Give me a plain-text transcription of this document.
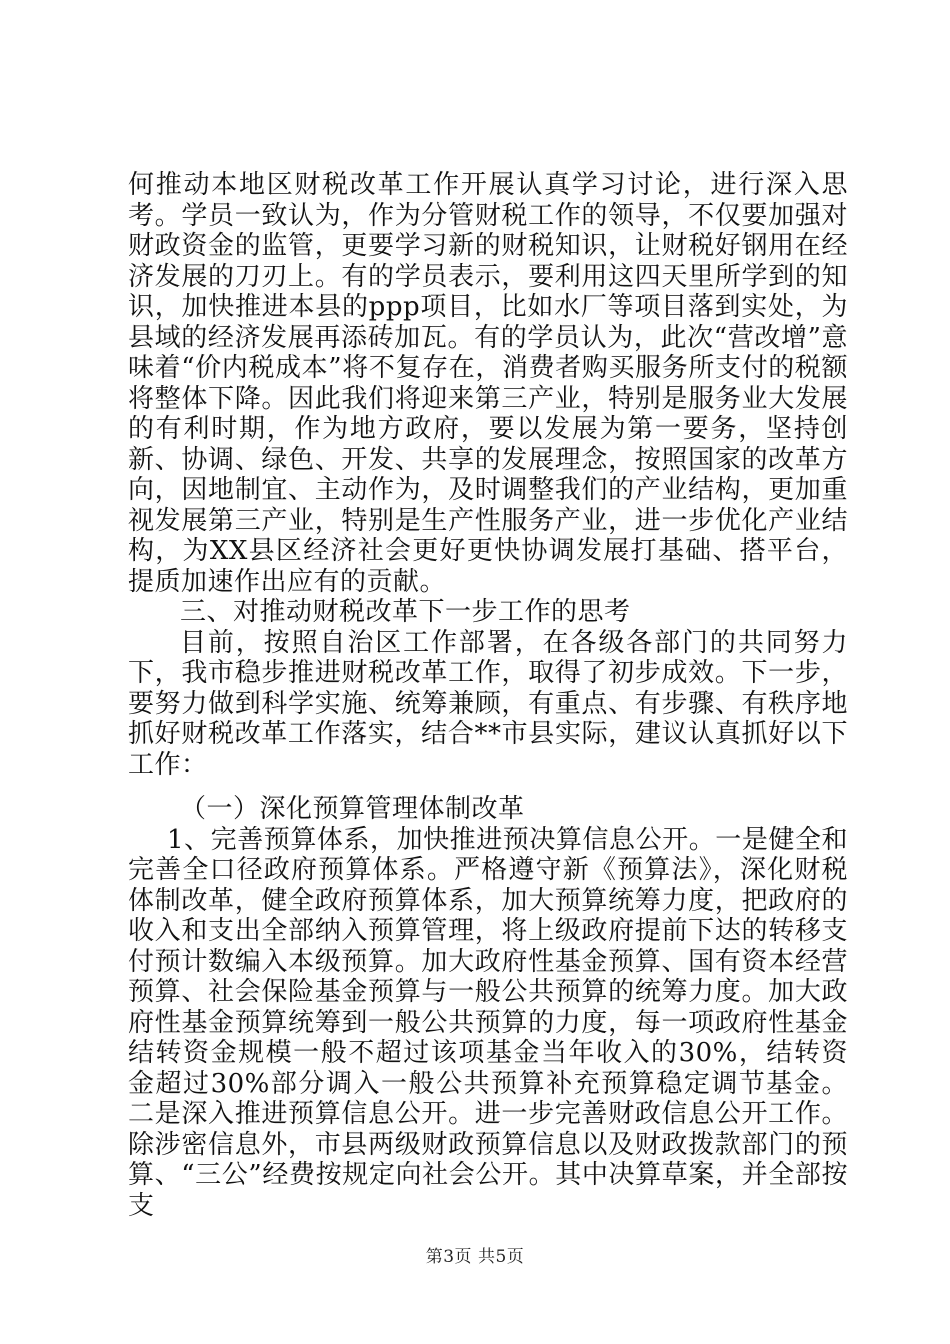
何推动本地区财税改革工作开展认真学习讨论，进行深入思考。学员一致认为，作为分管财税工作的领导，不仅要加强对财政资金的监管，更要学习新的财税知识，让财税好钢用在经济发展的刀刃上。有的学员表示，要利用这四天里所学到的知识，加快推进本县的ppp项目，比如水厂等项目落到实处，为县域的经济发展再添砖加瓦。有的学员认为，此次“营改增”意味着“价内税成本”将不复存在，消费者购买服务所支付的税额将整体下降。因此我们将迎来第三产业，特别是服务业大发展的有利时期，作为地方政府，要以发展为第一要务，坚持创新、协调、绿色、开发、共享的发展理念，按照国家的改革方向，因地制宜、主动作为，及时调整我们的产业结构，更加重视发展第三产业，特别是生产性服务产业，进一步优化产业结构，为XX县区经济社会更好更快协调发展打基础、搭平台，提质加速作出应有的贡献。

三、对推动财税改革下一步工作的思考

目前，按照自治区工作部署，在各级各部门的共同努力下，我市稳步推进财税改革工作，取得了初步成效。下一步，要努力做到科学实施、统筹兼顾，有重点、有步骤、有秩序地抓好财税改革工作落实，结合**市县实际，建议认真抓好以下工作：

（一）深化预算管理体制改革

1、完善预算体系，加快推进预决算信息公开。一是健全和完善全口径政府预算体系。严格遵守新《预算法》，深化财税体制改革，健全政府预算体系，加大预算统筹力度，把政府的收入和支出全部纳入预算管理，将上级政府提前下达的转移支付预计数编入本级预算。加大政府性基金预算、国有资本经营预算、社会保险基金预算与一般公共预算的统筹力度。加大政府性基金预算统筹到一般公共预算的力度，每一项政府性基金结转资金规模一般不超过该项基金当年收入的30%，结转资金超过30%部分调入一般公共预算补充预算稳定调节基金。二是深入推进预算信息公开。进一步完善财政信息公开工作。除涉密信息外，市县两级财政预算信息以及财政拨款部门的预算、“三公”经费按规定向社会公开。其中决算草案，并全部按支

第3页 共5页
